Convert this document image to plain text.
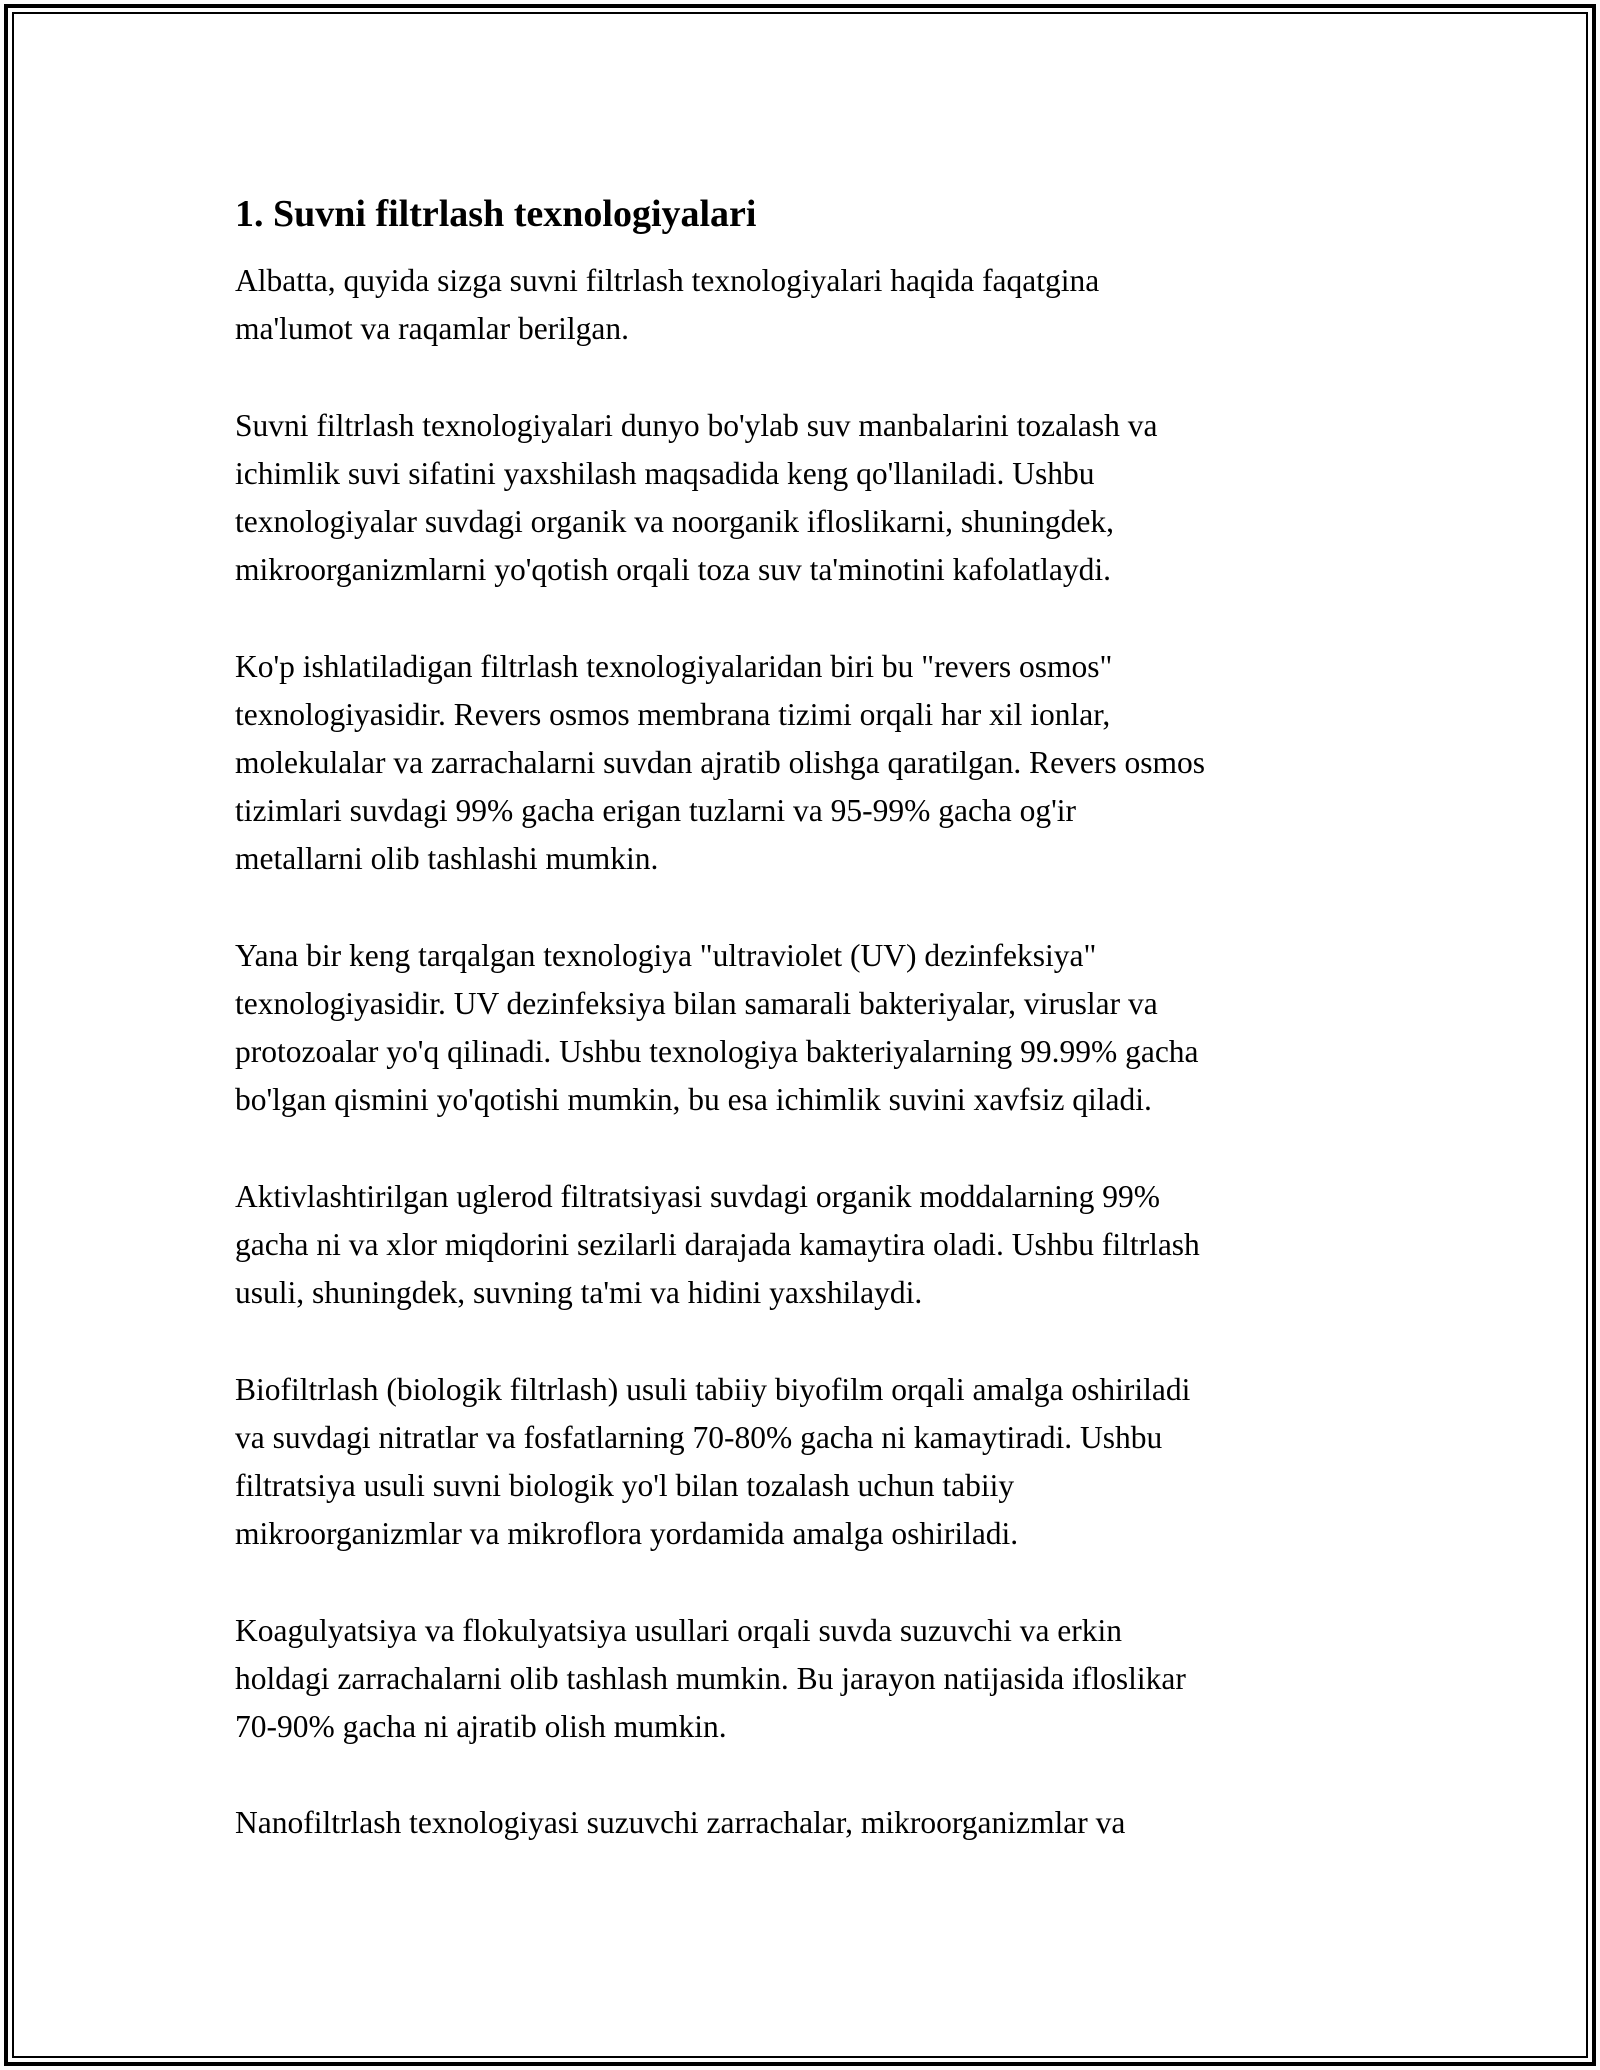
1. Suvni filtrlash texnologiyalari

Albatta, quyida sizga suvni filtrlash texnologiyalari haqida faqatgina
ma'lumot va raqamlar berilgan.

Suvni filtrlash texnologiyalari dunyo bo'ylab suv manbalarini tozalash va
ichimlik suvi sifatini yaxshilash maqsadida keng qo'llaniladi. Ushbu
texnologiyalar suvdagi organik va noorganik ifloslikarni, shuningdek,
mikroorganizmlarni yo'qotish orqali toza suv ta'minotini kafolatlaydi.

Ko'p ishlatiladigan filtrlash texnologiyalaridan biri bu "revers osmos"
texnologiyasidir. Revers osmos membrana tizimi orqali har xil ionlar,
molekulalar va zarrachalarni suvdan ajratib olishga qaratilgan. Revers osmos
tizimlari suvdagi 99% gacha erigan tuzlarni va 95-99% gacha og'ir
metallarni olib tashlashi mumkin.

Yana bir keng tarqalgan texnologiya "ultraviolet (UV) dezinfeksiya"
texnologiyasidir. UV dezinfeksiya bilan samarali bakteriyalar, viruslar va
protozoalar yo'q qilinadi. Ushbu texnologiya bakteriyalarning 99.99% gacha
bo'lgan qismini yo'qotishi mumkin, bu esa ichimlik suvini xavfsiz qiladi.

Aktivlashtirilgan uglerod filtratsiyasi suvdagi organik moddalarning 99%
gacha ni va xlor miqdorini sezilarli darajada kamaytira oladi. Ushbu filtrlash
usuli, shuningdek, suvning ta'mi va hidini yaxshilaydi.

Biofiltrlash (biologik filtrlash) usuli tabiiy biyofilm orqali amalga oshiriladi
va suvdagi nitratlar va fosfatlarning 70-80% gacha ni kamaytiradi. Ushbu
filtratsiya usuli suvni biologik yo'l bilan tozalash uchun tabiiy
mikroorganizmlar va mikroflora yordamida amalga oshiriladi.

Koagulyatsiya va flokulyatsiya usullari orqali suvda suzuvchi va erkin
holdagi zarrachalarni olib tashlash mumkin. Bu jarayon natijasida ifloslikar
70-90% gacha ni ajratib olish mumkin.

Nanofiltrlash texnologiyasi suzuvchi zarrachalar, mikroorganizmlar va
